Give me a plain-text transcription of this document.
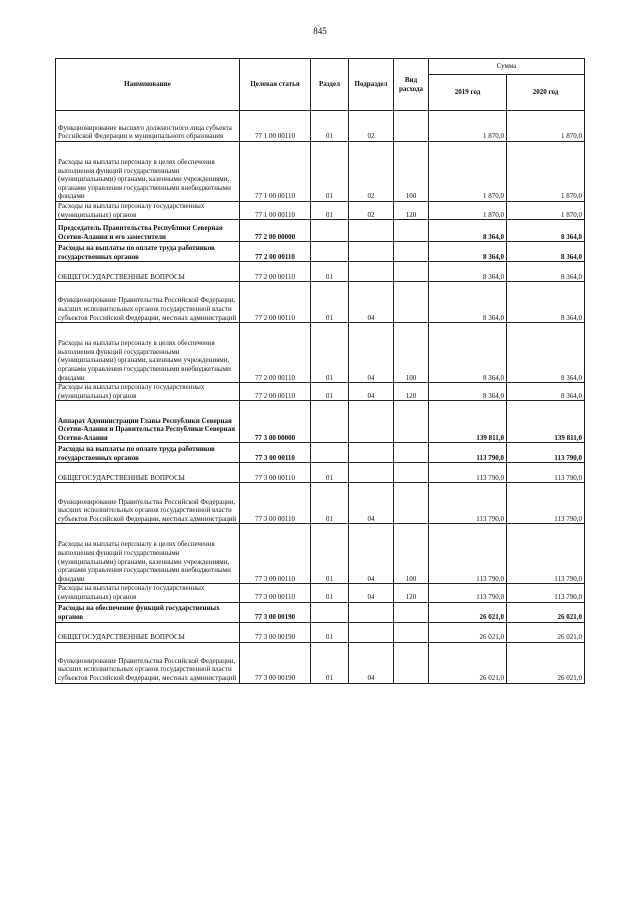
845
Наименование	Целевая статья	Раздел	Подраздел	Вид расхода	Сумма	
					2019 год	2020 год
Функционирование высшего должностного лица субъекта Российской Федерации и муниципального образования	77 1 00 00110	01	02		1 870,0	1 870,0
Расходы на выплаты персоналу в целях обеспечения выполнения функций государственными (муниципальными) органами, казенными учреждениями, органами управления государственными внебюджетными фондами	77 1 00 00110	01	02	100	1 870,0	1 870,0
Расходы на выплаты персоналу государственных (муниципальных) органов	77 1 00 00110	01	02	120	1 870,0	1 870,0
Председатель Правительства Республики Северная Осетия-Алания и его заместители	77 2 00 00000				8 364,0	8 364,0
Расходы на выплаты по оплате труда работников государственных органов	77 2 00 00110				8 364,0	8 364,0
ОБЩЕГОСУДАРСТВЕННЫЕ ВОПРОСЫ	77 2 00 00110	01			8 364,0	8 364,0
Функционирование Правительства Российской Федерации, высших исполнительных органов государственной власти субъектов Российской Федерации, местных администраций	77 2 00 00110	01	04		8 364,0	8 364,0
Расходы на выплаты персоналу в целях обеспечения выполнения функций государственными (муниципальными) органами, казенными учреждениями, органами управления государственными внебюджетными фондами	77 2 00 00110	01	04	100	8 364,0	8 364,0
Расходы на выплаты персоналу государственных (муниципальных) органов	77 2 00 00110	01	04	120	8 364,0	8 364,0
Аппарат Администрации Главы Республики Северная Осетия-Алания и Правительства Республики Северная Осетия-Алания	77 3 00 00000				139 811,0	139 811,0
Расходы на выплаты по оплате труда работников государственных органов	77 3 00 00110				113 790,0	113 790,0
ОБЩЕГОСУДАРСТВЕННЫЕ ВОПРОСЫ	77 3 00 00110	01			113 790,0	113 790,0
Функционирование Правительства Российской Федерации, высших исполнительных органов государственной власти субъектов Российской Федерации, местных администраций	77 3 00 00110	01	04		113 790,0	113 790,0
Расходы на выплаты персоналу в целях обеспечения выполнения функций государственными (муниципальными) органами, казенными учреждениями, органами управления государственными внебюджетными фондами	77 3 00 00110	01	04	100	113 790,0	113 790,0
Расходы на выплаты персоналу государственных (муниципальных) органов	77 3 00 00110	01	04	120	113 790,0	113 790,0
Расходы на обеспечение функций государственных органов	77 3 00 00190				26 021,0	26 021,0
ОБЩЕГОСУДАРСТВЕННЫЕ ВОПРОСЫ	77 3 00 00190	01			26 021,0	26 021,0
Функционирование Правительства Российской Федерации, высших исполнительных органов государственной власти субъектов Российской Федерации, местных администраций	77 3 00 00190	01	04		26 021,0	26 021,0
